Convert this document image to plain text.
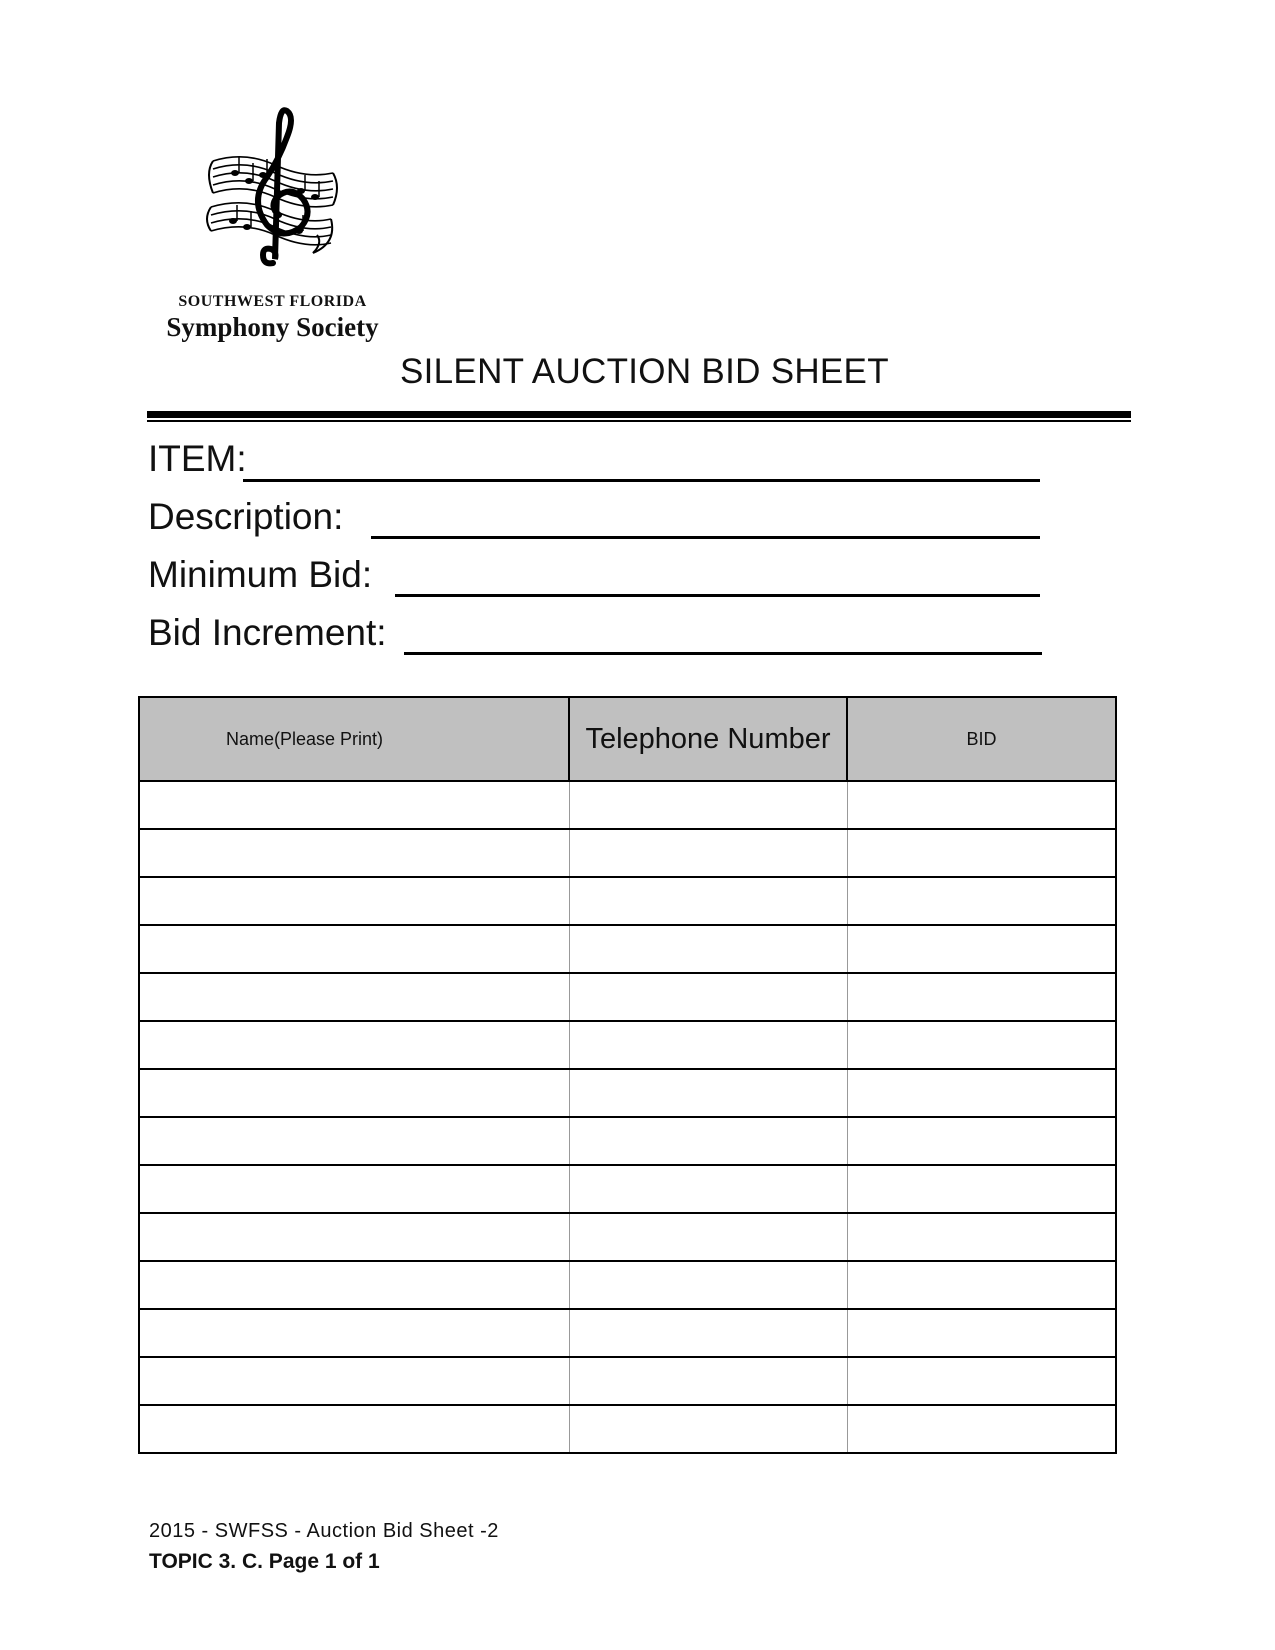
SOUTHWEST FLORIDA
Symphony Society
SILENT AUCTION BID SHEET
ITEM:
Description:
Minimum Bid:
Bid Increment:
Name(Please Print)	Telephone Number	BID

2015 - SWFSS - Auction Bid Sheet -2
TOPIC 3. C. Page 1 of 1
